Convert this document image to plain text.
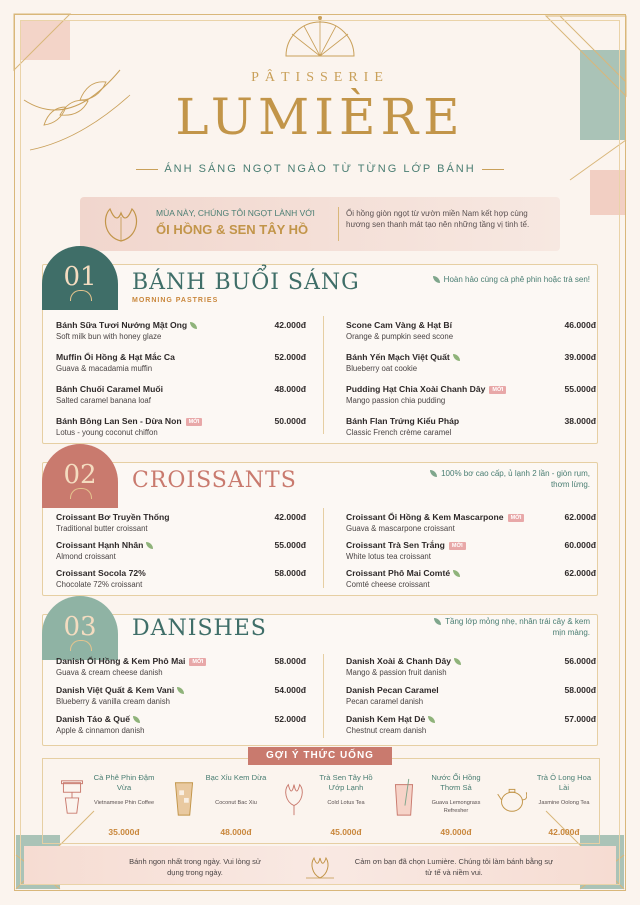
PÂTISSERIE
LUMIÈRE
ÁNH SÁNG NGỌT NGÀO TỪ TỪNG LỚP BÁNH
MÙA NÀY, CHÚNG TÔI NGỌT LÀNH VỚI
ỔI HỒNG & SEN TÂY HỒ
Ổi hồng giòn ngọt từ vườn miền Nam kết hợp cùng hương sen thanh mát tạo nên những tầng vị tinh tế.
01	BÁNH BUỔI SÁNG
MORNING PASTRIES
Hoàn hảo cùng cà phê phin hoặc trà sen!
Bánh Sữa Tươi Nướng Mật Ong
Soft milk bun with honey glaze
42.000đ
Muffin Ổi Hồng & Hạt Mắc Ca
Guava & macadamia muffin
52.000đ
Bánh Chuối Caramel Muối
Salted caramel banana loaf
48.000đ
Bánh Bông Lan Sen - Dừa Non MỚI
Lotus - young coconut chiffon
50.000đ
Scone Cam Vàng & Hạt Bí
Orange & pumpkin seed scone
46.000đ
Bánh Yến Mạch Việt Quất
Blueberry oat cookie
39.000đ
Pudding Hạt Chia Xoài Chanh Dây MỚI
Mango passion chia pudding
55.000đ
Bánh Flan Trứng Kiểu Pháp
Classic French crème caramel
38.000đ
02	CROISSANTS	100% bơ cao cấp, ủ lạnh 2 lần - giòn rụm, thơm lừng.
Croissant Bơ Truyền Thống
Traditional butter croissant
42.000đ
Croissant Hạnh Nhân
Almond croissant
55.000đ
Croissant Socola 72%
Chocolate 72% croissant
58.000đ
Croissant Ổi Hồng & Kem Mascarpone MỚI
Guava & mascarpone croissant
62.000đ
Croissant Trà Sen Trắng MỚI
White lotus tea croissant
60.000đ
Croissant Phô Mai Comté
Comté cheese croissant
62.000đ
03	DANISHES	Tầng lớp mỏng nhẹ, nhân trái cây & kem mịn màng.
Danish Ổi Hồng & Kem Phô Mai MỚI
Guava & cream cheese danish
58.000đ
Danish Việt Quất & Kem Vani
Blueberry & vanilla cream danish
54.000đ
Danish Táo & Quế
Apple & cinnamon danish
52.000đ
Danish Xoài & Chanh Dây
Mango & passion fruit danish
56.000đ
Danish Pecan Caramel
Pecan caramel danish
58.000đ
Danish Kem Hạt Dẻ
Chestnut cream danish
57.000đ
Cà Phê Phin Đậm Vừa
Vietnamese Phin Coffee
35.000đ
Bạc Xỉu Kem Dừa
Coconut Bac Xiu
48.000đ
Trà Sen Tây Hồ Ướp Lạnh
Cold Lotus Tea
45.000đ
Nước Ổi Hồng Thơm Sả
Guava Lemongrass Refresher
49.000đ
Trà Ô Long Hoa Lài
Jasmine Oolong Tea
42.000đ
GỢI Ý THỨC UỐNG
Bánh ngon nhất trong ngày. Vui lòng sử dụng trong ngày.
Cảm ơn bạn đã chọn Lumière. Chúng tôi làm bánh bằng sự tử tế và niềm vui.
